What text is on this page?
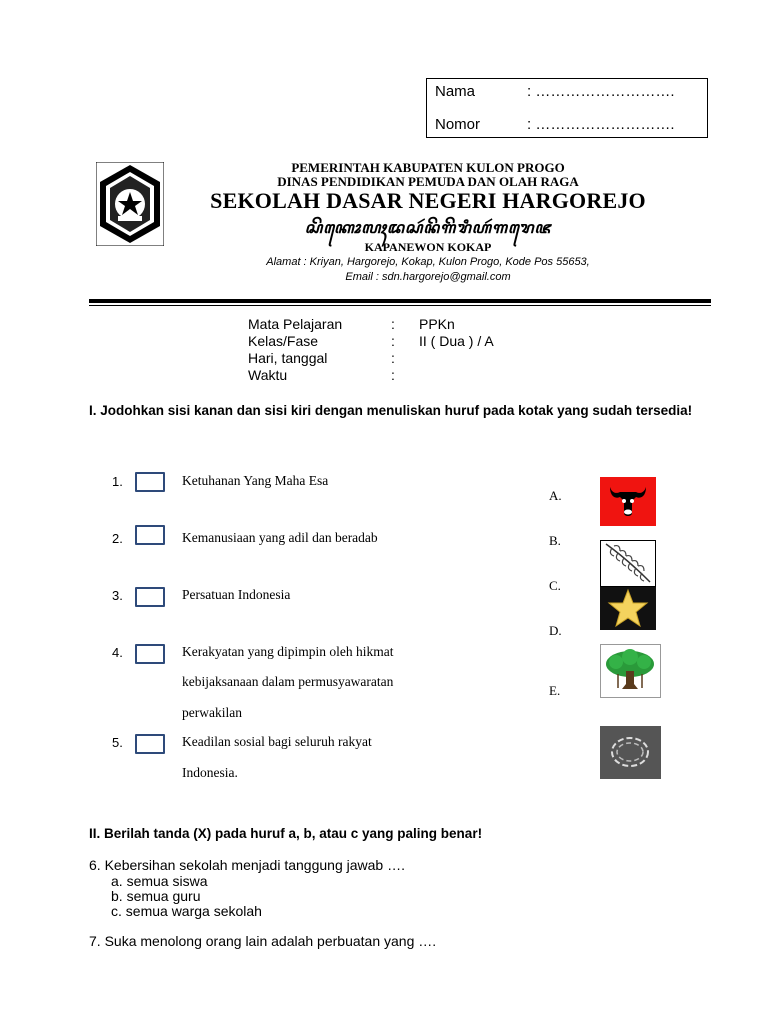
Nama	: ……………………….
Nomor	: ……………………….
PEMERINTAH KABUPATEN KULON PROGO
DINAS PENDIDIKAN PEMUDA DAN OLAH RAGA
SEKOLAH DASAR NEGERI HARGOREJO
ꦱꦼꦏꦺꦴꦭꦃꦢꦱꦂꦤꦼꦒꦼꦫꦶꦲꦂꦒꦫꦺꦗ
KAPANEWON KOKAP
Alamat : Kriyan, Hargorejo, Kokap, Kulon Progo, Kode Pos 55653,
Email : sdn.hargorejo@gmail.com
Mata Pelajaran	: PPKn
Kelas/Fase	: II ( Dua ) / A
Hari, tanggal	:
Waktu	:
I. Jodohkan sisi kanan dan sisi kiri dengan menuliskan huruf pada kotak yang sudah tersedia!
1.	Ketuhanan Yang Maha Esa
2.	Kemanusiaan yang adil dan beradab
3.	Persatuan Indonesia
4.	Kerakyatan yang dipimpin oleh hikmat
kebijaksanaan dalam permusyawaratan
perwakilan
5.	Keadilan sosial bagi seluruh rakyat
Indonesia.
A.
B.
C.
D.
E.
II. Berilah tanda (X) pada huruf a, b, atau c yang paling benar!
6. Kebersihan sekolah menjadi tanggung jawab ….
a. semua siswa
b. semua guru
c. semua warga sekolah
7. Suka menolong orang lain adalah perbuatan yang ….
